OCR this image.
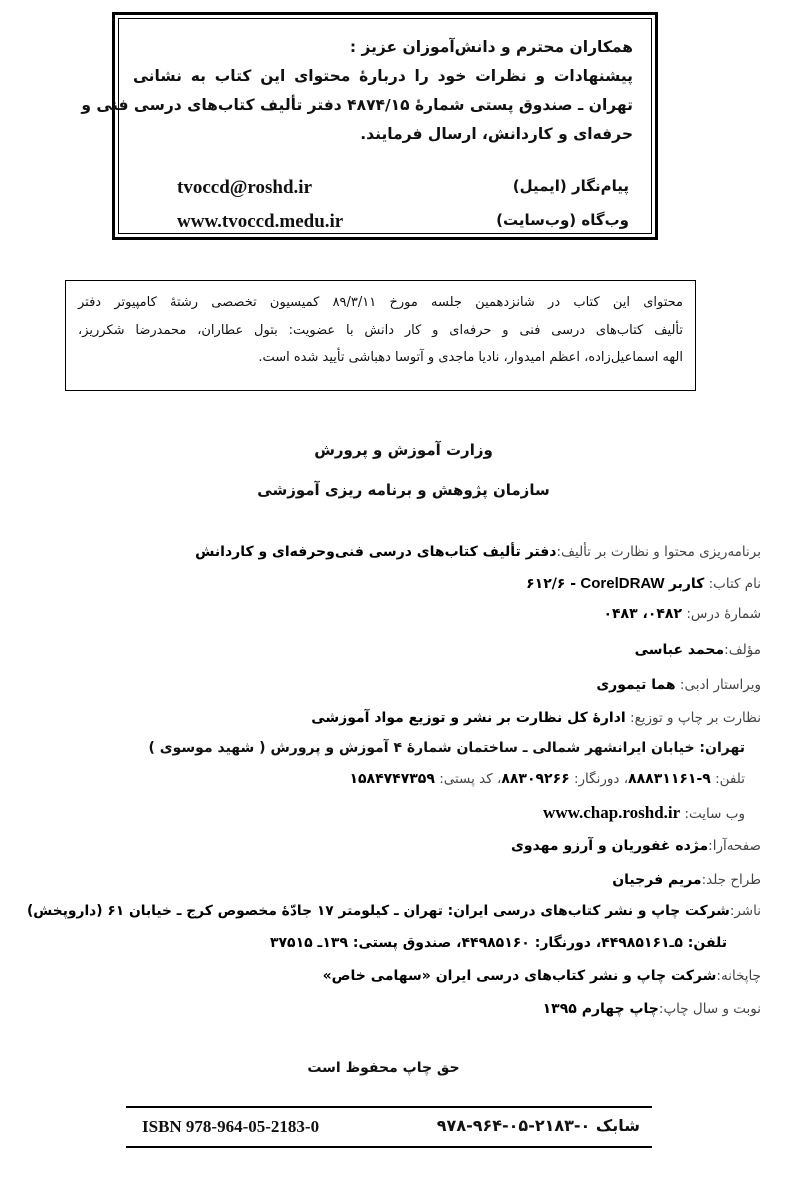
همکاران محترم و دانش‌آموزان عزیز :
پیشنهادات و نظرات خود را دربارهٔ محتوای این کتاب به نشانی
تهران ـ صندوق پستی شمارهٔ ۴۸۷۴/۱۵ دفتر تألیف کتاب‌های درسی فنی و
حرفه‌ای و کاردانش، ارسال فرمایند.
پیام‌نگار (ایمیل)
tvoccd@roshd.ir
وب‌گاه (وب‌سایت)
www.tvoccd.medu.ir
محتوای این کتاب در شانزدهمین جلسه مورخ ۸۹/۳/۱۱ کمیسیون تخصصی رشتهٔ کامپیوتر دفتر
تألیف کتاب‌های درسی فنی و حرفه‌ای و کار دانش با عضویت: بتول عطاران، محمدرضا شکرریز،
الهه اسماعیل‌زاده، اعظم امیدوار، نادیا ماجدی و آتوسا دهباشی تأیید شده است.
وزارت آموزش و پرورش
سازمان پژوهش و برنامه ریزی آموزشی
برنامه‌ریزی محتوا و نظارت بر تألیف:دفتر تألیف کتاب‌های درسی فنی‌وحرفه‌ای و کاردانش
نام کتاب: کاربر CorelDRAW - ۶۱۲/۶
شمارهٔ درس: ۰۴۸۲، ۰۴۸۳
مؤلف:محمد عباسی
ویراستار ادبی: هما تیموری
نظارت بر چاپ و توزیع: ادارهٔ کل نظارت بر نشر و توزیع مواد آموزشی
تهران: خیابان ایرانشهر شمالی ـ ساختمان شمارهٔ ۴ آموزش و پرورش ( شهید موسوی )
تلفن: ۹-۸۸۸۳۱۱۶۱، دورنگار: ۸۸۳۰۹۲۶۶، کد پستی: ۱۵۸۴۷۴۷۳۵۹
وب سایت: www.chap.roshd.ir
صفحه‌آرا:مژده غفوریان و آرزو مهدوی
طراح جلد:مریم فرجیان
ناشر:شرکت چاپ و نشر کتاب‌های درسی ایران: تهران ـ کیلومتر ۱۷ جادّهٔ مخصوص کرج ـ خیابان ۶۱ (داروپخش)
تلفن: ۵ـ۴۴۹۸۵۱۶۱، دورنگار: ۴۴۹۸۵۱۶۰، صندوق پستی: ۱۳۹ـ ۳۷۵۱۵
چاپخانه:شرکت چاپ و نشر کتاب‌های درسی ایران «سهامی خاص»
نوبت و سال چاپ:چاپ چهارم ۱۳۹۵
حق چاپ محفوظ است
شابک ۰-۲۱۸۳-۰۵-۹۶۴-۹۷۸
ISBN 978-964-05-2183-0
